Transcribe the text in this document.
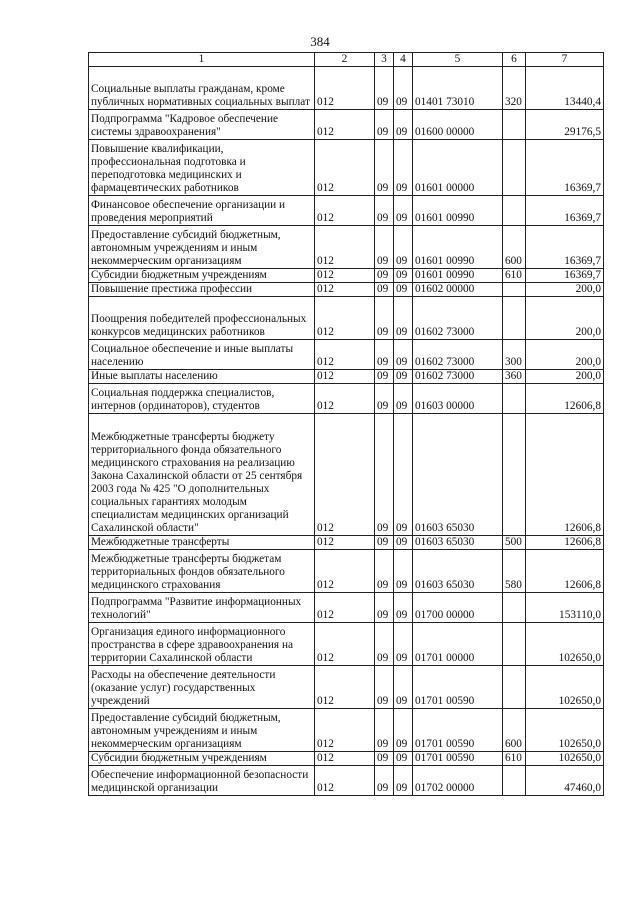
384
1	2	3	4	5	6	7
Социальные выплаты гражданам, кроме публичных нормативных социальных выплат	012	09	09	01401 73010	320	13440,4
Подпрограмма "Кадровое обеспечение системы здравоохранения"	012	09	09	01600 00000		29176,5
Повышение квалификации, профессиональная подготовка и переподготовка медицинских и фармацевтических работников	012	09	09	01601 00000		16369,7
Финансовое обеспечение организации и проведения мероприятий	012	09	09	01601 00990		16369,7
Предоставление субсидий бюджетным, автономным учреждениям и иным некоммерческим организациям	012	09	09	01601 00990	600	16369,7
Субсидии бюджетным учреждениям	012	09	09	01601 00990	610	16369,7
Повышение престижа профессии	012	09	09	01602 00000		200,0
Поощрения победителей профессиональных конкурсов медицинских работников	012	09	09	01602 73000		200,0
Социальное обеспечение и иные выплаты населению	012	09	09	01602 73000	300	200,0
Иные выплаты населению	012	09	09	01602 73000	360	200,0
Социальная поддержка специалистов, интернов (ординаторов), студентов	012	09	09	01603 00000		12606,8
Межбюджетные трансферты бюджету территориального фонда обязательного медицинского страхования на реализацию Закона Сахалинской области от 25 сентября 2003 года № 425 "О дополнительных социальных гарантиях молодым специалистам медицинских организаций Сахалинской области"	012	09	09	01603 65030		12606,8
Межбюджетные трансферты	012	09	09	01603 65030	500	12606,8
Межбюджетные трансферты бюджетам территориальных фондов обязательного медицинского страхования	012	09	09	01603 65030	580	12606,8
Подпрограмма "Развитие информационных технологий"	012	09	09	01700 00000		153110,0
Организация единого информационного пространства в сфере здравоохранения на территории Сахалинской области	012	09	09	01701 00000		102650,0
Расходы на обеспечение деятельности (оказание услуг) государственных учреждений	012	09	09	01701 00590		102650,0
Предоставление субсидий бюджетным, автономным учреждениям и иным некоммерческим организациям	012	09	09	01701 00590	600	102650,0
Субсидии бюджетным учреждениям	012	09	09	01701 00590	610	102650,0
Обеспечение информационной безопасности медицинской организации	012	09	09	01702 00000		47460,0
